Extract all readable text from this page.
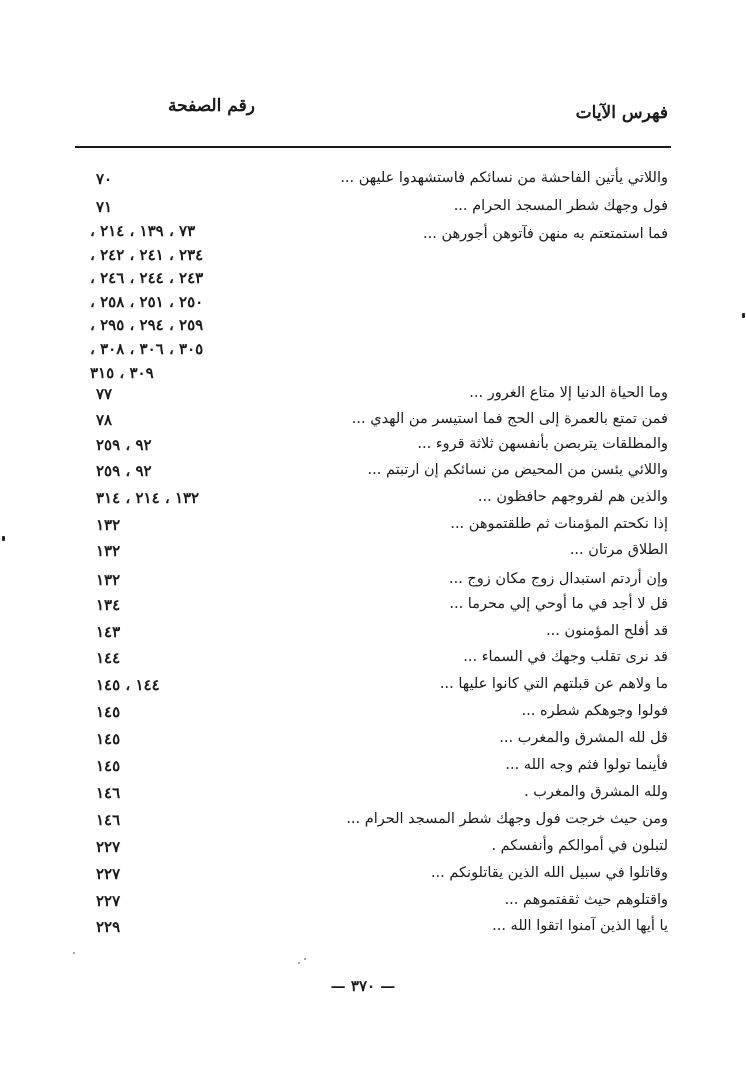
فهرس الآيات
رقم الصفحة
واللاتي يأتين الفاحشة من نسائكم فاستشهدوا عليهن ...
٧٠
فول وجهك شطر المسجد الحرام ...
٧١
فما استمتعتم به منهن فآتوهن أجورهن ...
٧٣ ، ١٣٩ ، ٢١٤ ،
٢٣٤ ، ٢٤١ ، ٢٤٢ ،
٢٤٣ ، ٢٤٤ ، ٢٤٦ ،
٢٥٠ ، ٢٥١ ، ٢٥٨ ،
٢٥٩ ، ٢٩٤ ، ٢٩٥ ،
٣٠٥ ، ٣٠٦ ، ٣٠٨ ،
٣٠٩ ، ٣١٥
وما الحياة الدنيا إلا متاع الغرور ...
٧٧
فمن تمتع بالعمرة إلى الحج فما استيسر من الهدي ...
٧٨
والمطلقات يتربصن بأنفسهن ثلاثة قروء ...
٩٢ ، ٢٥٩
واللائي يئسن من المحيض من نسائكم إن ارتبتم ...
٩٢ ، ٢٥٩
والذين هم لفروجهم حافظون ...
١٣٢ ، ٢١٤ ، ٣١٤
إذا نكحتم المؤمنات ثم طلقتموهن ...
١٣٢
الطلاق مرتان ...
١٣٢
وإن أردتم استبدال زوج مكان زوج ...
١٣٢
قل لا أجد في ما أوحي إلي محرما ...
١٣٤
قد أفلح المؤمنون ...
١٤٣
قد نرى تقلب وجهك في السماء ...
١٤٤
ما ولاهم عن قبلتهم التي كانوا عليها ...
١٤٤ ، ١٤٥
فولوا وجوهكم شطره ...
١٤٥
قل لله المشرق والمغرب ...
١٤٥
فأينما تولوا فثم وجه الله ...
١٤٥
ولله المشرق والمغرب .
١٤٦
ومن حيث خرجت فول وجهك شطر المسجد الحرام ...
١٤٦
لتبلون في أموالكم وأنفسكم .
٢٢٧
وقاتلوا في سبيل الله الذين يقاتلونكم ...
٢٢٧
واقتلوهم حيث ثقفتموهم ...
٢٢٧
يا أيها الذين آمنوا اتقوا الله ...
٢٢٩
— ٣٧٠ —
